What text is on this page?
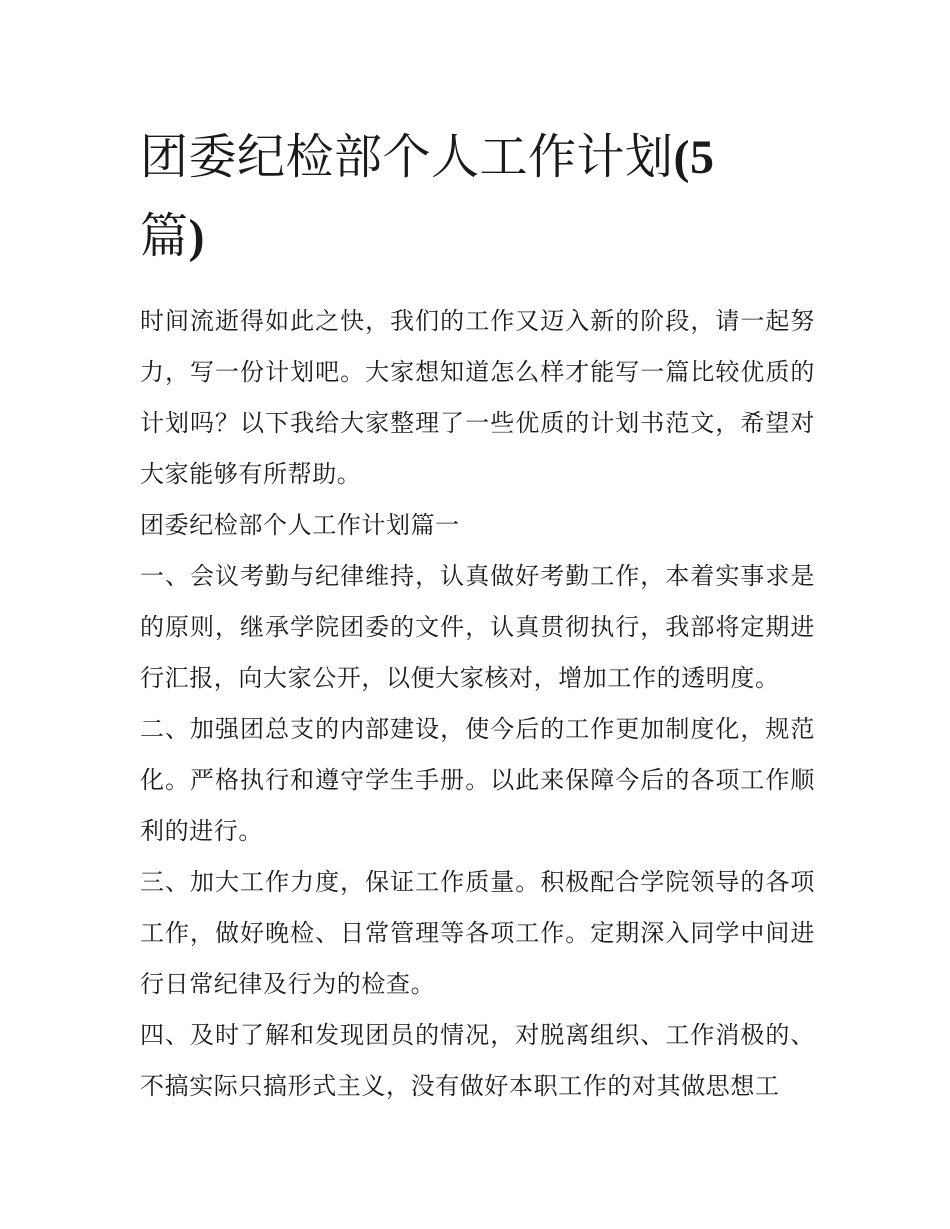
团委纪检部个人工作计划(5
篇)

时间流逝得如此之快，我们的工作又迈入新的阶段，请一起努力，写一份计划吧。大家想知道怎么样才能写一篇比较优质的计划吗？以下我给大家整理了一些优质的计划书范文，希望对大家能够有所帮助。

团委纪检部个人工作计划篇一

一、会议考勤与纪律维持，认真做好考勤工作，本着实事求是的原则，继承学院团委的文件，认真贯彻执行，我部将定期进行汇报，向大家公开，以便大家核对，增加工作的透明度。

二、加强团总支的内部建设，使今后的工作更加制度化，规范化。严格执行和遵守学生手册。以此来保障今后的各项工作顺利的进行。

三、加大工作力度，保证工作质量。积极配合学院领导的各项工作，做好晚检、日常管理等各项工作。定期深入同学中间进行日常纪律及行为的检查。

四、及时了解和发现团员的情况，对脱离组织、工作消极的、不搞实际只搞形式主义，没有做好本职工作的对其做思想工
